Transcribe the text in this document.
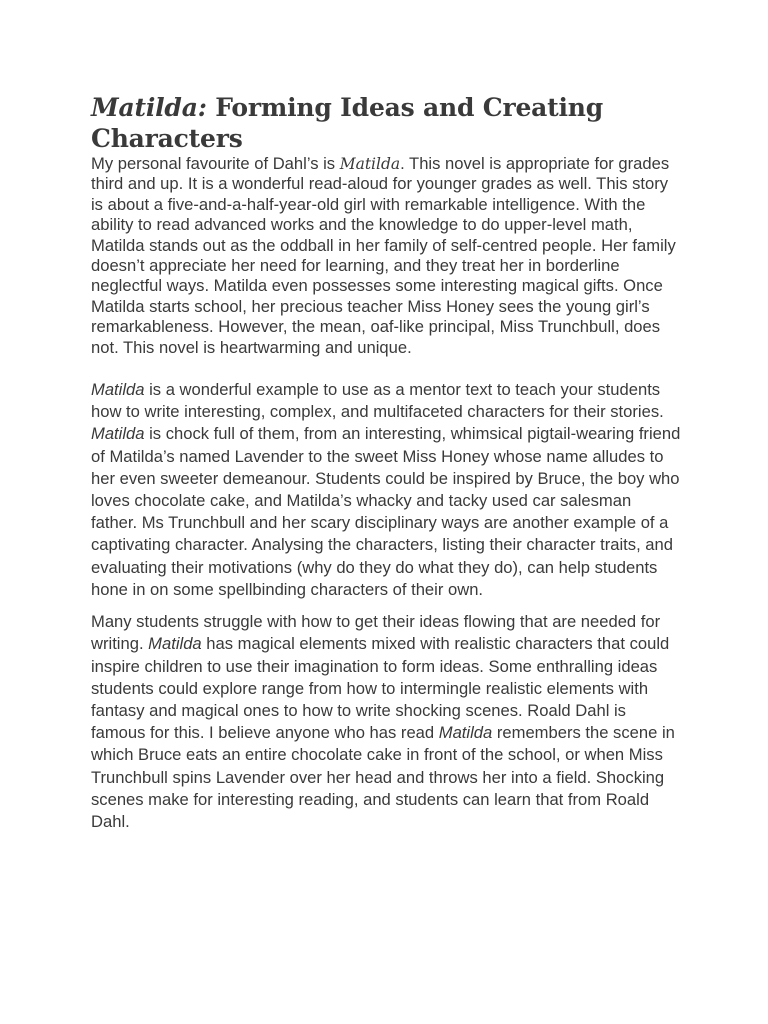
Matilda: Forming Ideas and Creating Characters

My personal favourite of Dahl’s is Matilda. This novel is appropriate for grades third and up. It is a wonderful read-aloud for younger grades as well. This story is about a five-and-a-half-year-old girl with remarkable intelligence. With the ability to read advanced works and the knowledge to do upper-level math, Matilda stands out as the oddball in her family of self-centred people. Her family doesn’t appreciate her need for learning, and they treat her in borderline neglectful ways. Matilda even possesses some interesting magical gifts. Once Matilda starts school, her precious teacher Miss Honey sees the young girl’s remarkableness. However, the mean, oaf-like principal, Miss Trunchbull, does not. This novel is heartwarming and unique.

Matilda is a wonderful example to use as a mentor text to teach your students how to write interesting, complex, and multifaceted characters for their stories. Matilda is chock full of them, from an interesting, whimsical pigtail-wearing friend of Matilda’s named Lavender to the sweet Miss Honey whose name alludes to her even sweeter demeanour. Students could be inspired by Bruce, the boy who loves chocolate cake, and Matilda’s whacky and tacky used car salesman father. Ms Trunchbull and her scary disciplinary ways are another example of a captivating character. Analysing the characters, listing their character traits, and evaluating their motivations (why do they do what they do), can help students hone in on some spellbinding characters of their own.

Many students struggle with how to get their ideas flowing that are needed for writing. Matilda has magical elements mixed with realistic characters that could inspire children to use their imagination to form ideas. Some enthralling ideas students could explore range from how to intermingle realistic elements with fantasy and magical ones to how to write shocking scenes. Roald Dahl is famous for this. I believe anyone who has read Matilda remembers the scene in which Bruce eats an entire chocolate cake in front of the school, or when Miss Trunchbull spins Lavender over her head and throws her into a field. Shocking scenes make for interesting reading, and students can learn that from Roald Dahl.
